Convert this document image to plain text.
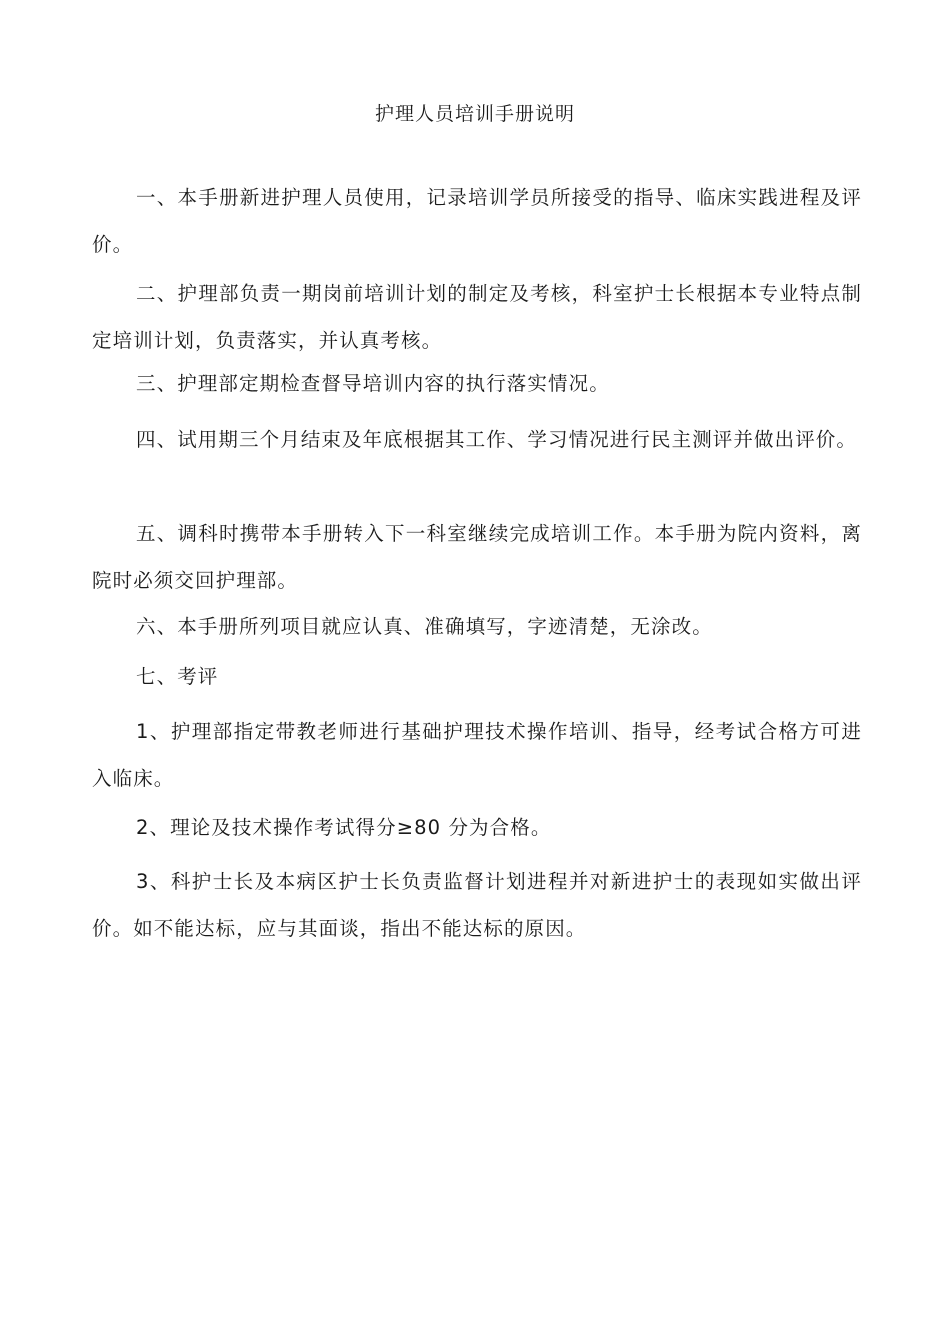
护理人员培训手册说明
一、本手册新进护理人员使用，记录培训学员所接受的指导、临床实践进程及评价。
二、护理部负责一期岗前培训计划的制定及考核，科室护士长根据本专业特点制定培训计划，负责落实，并认真考核。
三、护理部定期检查督导培训内容的执行落实情况。
四、试用期三个月结束及年底根据其工作、学习情况进行民主测评并做出评价。
五、调科时携带本手册转入下一科室继续完成培训工作。本手册为院内资料，离院时必须交回护理部。
六、本手册所列项目就应认真、准确填写，字迹清楚，无涂改。
七、考评
1、护理部指定带教老师进行基础护理技术操作培训、指导，经考试合格方可进入临床。
2、理论及技术操作考试得分≥80 分为合格。
3、科护士长及本病区护士长负责监督计划进程并对新进护士的表现如实做出评价。如不能达标，应与其面谈，指出不能达标的原因。
